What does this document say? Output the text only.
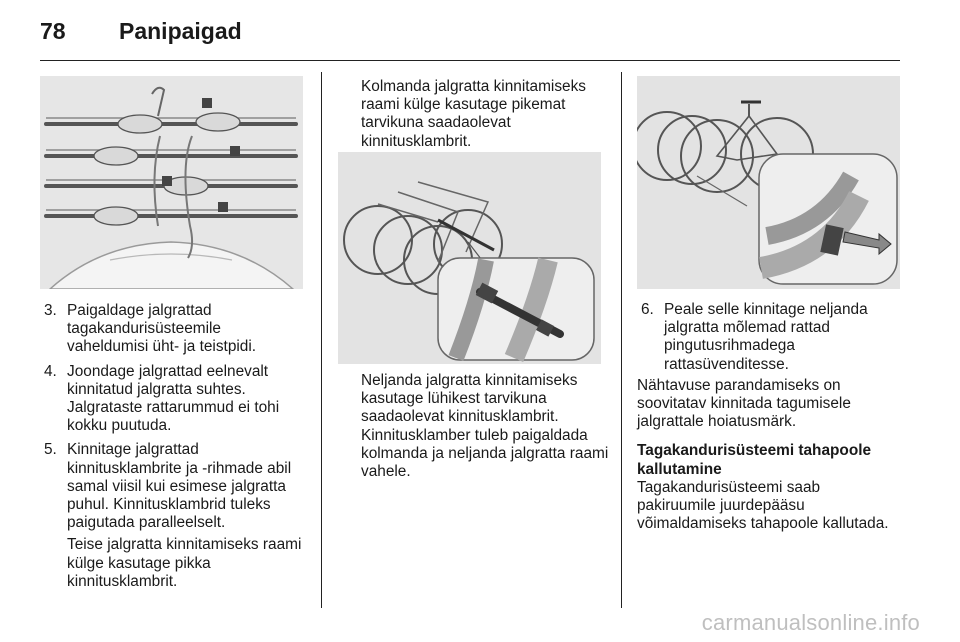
78 Panipaigad
3. Paigaldage jalgrattad tagakandurisüsteemile vaheldumisi üht- ja teistpidi.
4. Joondage jalgrattad eelnevalt kinnitatud jalgratta suhtes. Jalgrataste rattarummud ei tohi kokku puutuda.
5. Kinnitage jalgrattad kinnitusklambrite ja -rihmade abil samal viisil kui esimese jalgratta puhul. Kinnitusklambrid tuleks paigutada paralleelselt.

Teise jalgratta kinnitamiseks raami külge kasutage pikka kinnitusklambrit.

Kolmanda jalgratta kinnitamiseks raami külge kasutage pikemat tarvikuna saadaolevat kinnitusklambrit.

Neljanda jalgratta kinnitamiseks kasutage lühikest tarvikuna saadaolevat kinnitusklambrit. Kinnitusklamber tuleb paigaldada kolmanda ja neljanda jalgratta raami vahele.

6. Peale selle kinnitage neljanda jalgratta mõlemad rattad pingutusrihmadega rattasüvenditesse.

Nähtavuse parandamiseks on soovitatav kinnitada tagumisele jalgrattale hoiatusmärk.

Tagakandurisüsteemi tahapoole kallutamine

Tagakandurisüsteemi saab pakiruumile juurdepääsu võimaldamiseks tahapoole kallutada.

carmanualsonline.info
